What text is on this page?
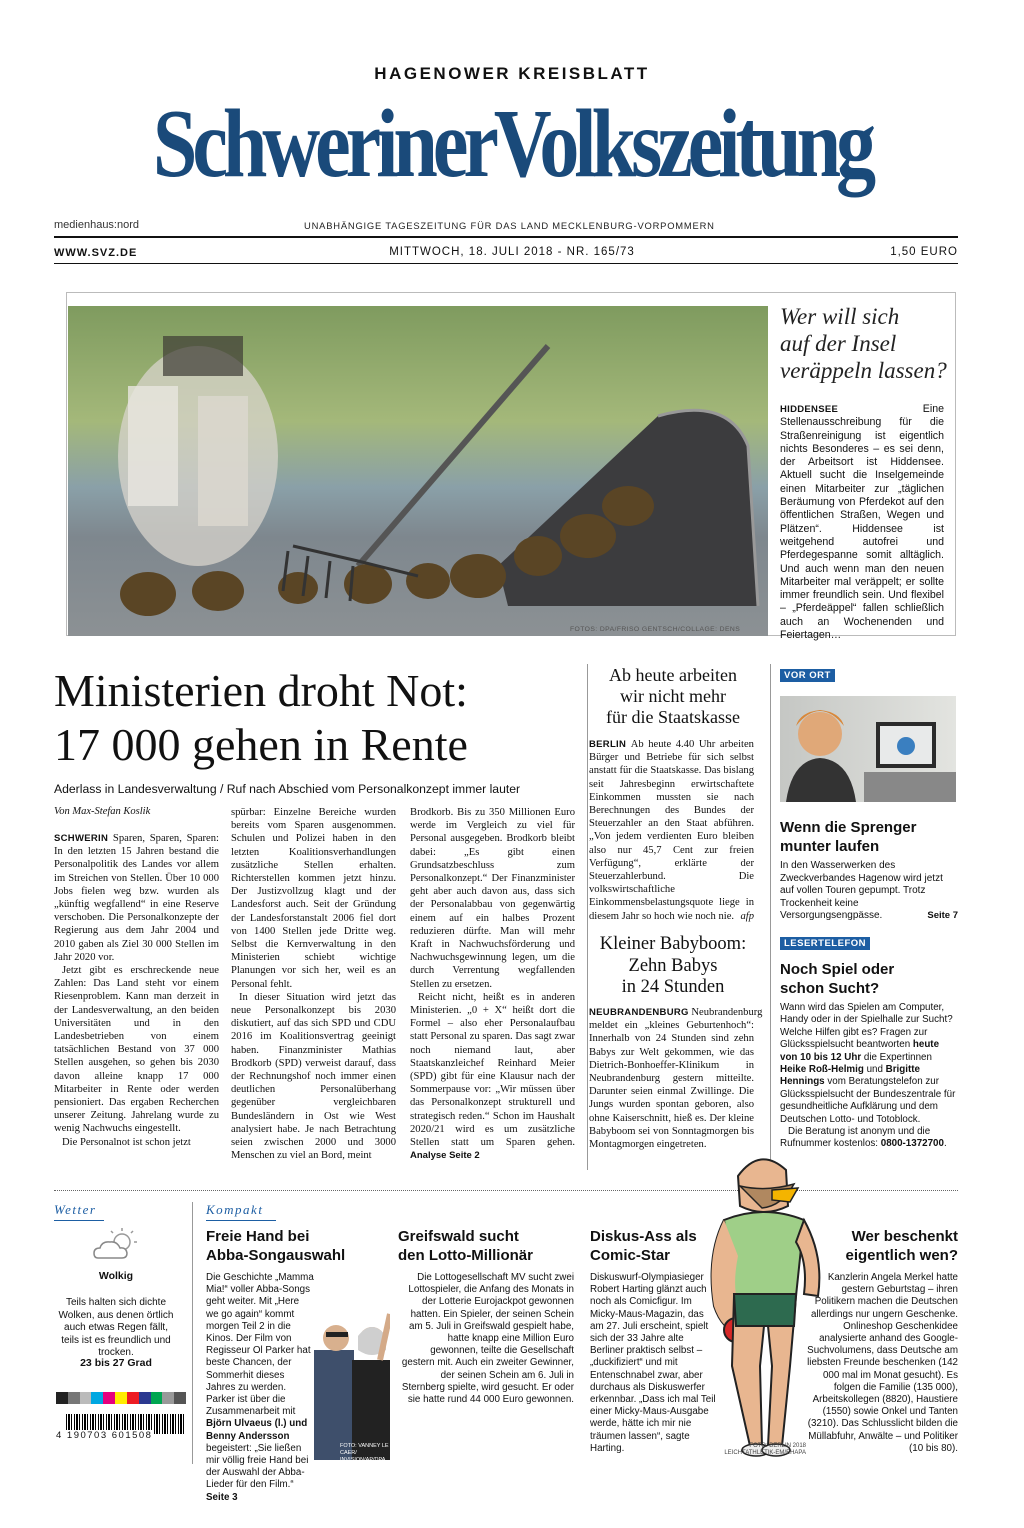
HAGENOWER KREISBLATT
SchwerinerVolkszeitung
medienhaus:nord	UNABHÄNGIGE TAGESZEITUNG FÜR DAS LAND MECKLENBURG-VORPOMMERN
WWW.SVZ.DE	MITTWOCH, 18. JULI 2018 - NR. 165/73	1,50 EURO
FOTOS: DPA/FRISO GENTSCH/COLLAGE: DENS
Wer will sich
auf der Insel
veräppeln lassen?
HIDDENSEE	Eine Stellenausschreibung für die Straßenreinigung ist eigentlich nichts Besonderes – es sei denn, der Arbeitsort ist Hiddensee. Aktuell sucht die Inselgemeinde einen Mitarbeiter zur „täglichen Beräumung von Pferdekot auf den öffentlichen Straßen, Wegen und Plätzen“. Hiddensee ist weitgehend autofrei und Pferdegespanne somit alltäglich. Und auch wenn man den neuen Mitarbeiter mal veräppelt; er sollte immer freundlich sein. Und flexibel – „Pferdeäppel“ fallen schließlich auch an Wochenenden und Feiertagen…
Ministerien droht Not:
17 000 gehen in Rente
Aderlass in Landesverwaltung / Ruf nach Abschied vom Personalkonzept immer lauter
Von Max-Stefan Koslik

SCHWERIN Sparen, Sparen, Sparen: In den letzten 15 Jahren bestand die Personalpolitik des Landes vor allem im Streichen von Stellen. Über 10 000 Jobs fielen weg bzw. wurden als „künftig wegfallend“ in eine Reserve verschoben. Die Personalkonzepte der Regierung aus dem Jahr 2004 und 2010 gaben als Ziel 30 000 Stellen im Jahr 2020 vor.

Jetzt gibt es erschreckende neue Zahlen: Das Land steht vor einem Riesenproblem. Kann man derzeit in der Landesverwaltung, an den beiden Universitäten und in den Landesbetrieben von einem tatsächlichen Bestand von 37 000 Stellen ausgehen, so gehen bis 2030 davon alleine knapp 17 000 Mitarbeiter in Rente oder werden pensioniert. Das ergaben Recherchen unserer Zeitung. Jahrelang wurde zu wenig Nachwuchs eingestellt.

Die Personalnot ist schon jetzt

spürbar: Einzelne Bereiche wurden bereits vom Sparen ausgenommen. Schulen und Polizei haben in den letzten Koalitionsverhandlungen zusätzliche Stellen erhalten. Richterstellen kommen jetzt hinzu. Der Justizvollzug klagt und der Landesforst auch. Seit der Gründung der Landesforstanstalt 2006 fiel dort von 1400 Stellen jede Dritte weg. Selbst die Kernverwaltung in den Ministerien schiebt wichtige Planungen vor sich her, weil es an Personal fehlt.

In dieser Situation wird jetzt das neue Personalkonzept bis 2030 diskutiert, auf das sich SPD und CDU 2016 im Koalitionsvertrag geeinigt haben. Finanzminister Mathias Brodkorb (SPD) verweist darauf, dass der Rechnungshof noch immer einen deutlichen Personalüberhang gegenüber vergleichbaren Bundesländern in Ost wie West analysiert habe. Je nach Betrachtung seien zwischen 2000 und 3000 Menschen zu viel an Bord, meint

Brodkorb. Bis zu 350 Millionen Euro werde im Vergleich zu viel für Personal ausgegeben. Brodkorb bleibt dabei: „Es gibt einen Grundsatzbeschluss zum Personalkonzept.“ Der Finanzminister geht aber auch davon aus, dass sich der Personalabbau von gegenwärtig einem auf ein halbes Prozent reduzieren dürfte. Man will mehr Kraft in Nachwuchsförderung und Nachwuchsgewinnung legen, um die durch Verrentung wegfallenden Stellen zu ersetzen.

Reicht nicht, heißt es in anderen Ministerien. „0 + X“ heißt dort die Formel – also eher Personalaufbau statt Personal zu sparen. Das sagt zwar noch niemand laut, aber Staatskanzleichef Reinhard Meier (SPD) gibt für eine Klausur nach der Sommerpause vor: „Wir müssen über das Personalkonzept strukturell und strategisch reden.“ Schon im Haushalt 2020/21 wird es um zusätzliche Stellen statt um Sparen gehen. Analyse Seite 2

Ab heute arbeiten
wir nicht mehr
für die Staatskasse
BERLIN Ab heute 4.40 Uhr arbeiten Bürger und Betriebe für sich selbst anstatt für die Staatskasse. Das bislang seit Jahresbeginn erwirtschaftete Einkommen mussten sie nach Berechnungen des Bundes der Steuerzahler an den Staat abführen. „Von jedem verdienten Euro bleiben also nur 45,7 Cent zur freien Verfügung“, erklärte der Steuerzahlerbund. Die volkswirtschaftliche Einkommensbelastungsquote liege in diesem Jahr so hoch wie noch nie. afp
Kleiner Babyboom:
Zehn Babys
in 24 Stunden
NEUBRANDENBURG Neubrandenburg meldet ein „kleines Geburtenhoch“: Innerhalb von 24 Stunden sind zehn Babys zur Welt gekommen, wie das Dietrich-Bonhoeffer-Klinikum in Neubrandenburg gestern mitteilte. Darunter seien einmal Zwillinge. Die Jungs wurden spontan geboren, also ohne Kaiserschnitt, hieß es. Der kleine Babyboom sei von Sonntagmorgen bis Montagmorgen eingetreten.
VOR ORT
Wenn die Sprenger
munter laufen
In den Wasserwerken des Zweckverbandes Hagenow wird jetzt auf vollen Touren gepumpt. Trotz Trockenheit keine Versorgungsengpässe.	Seite 7
LESERTELEFON
Noch Spiel oder
schon Sucht?
Wann wird das Spielen am Computer, Handy oder in der Spielhalle zur Sucht? Welche Hilfen gibt es? Fragen zur Glücksspielsucht beantworten heute von 10 bis 12 Uhr die Expertinnen Heike Roß-Helmig und Brigitte Hennings vom Beratungstelefon zur Glücksspielsucht der Bundeszentrale für gesundheitliche Aufklärung und dem Deutschen Lotto- und Totoblock.
Die Beratung ist anonym und die Rufnummer kostenlos: 0800-1372700.
Wetter
Wolkig
Teils halten sich dichte Wolken, aus denen örtlich auch etwas Regen fällt, teils ist es freundlich und trocken.
23 bis 27 Grad
4 190703 601508
Kompakt
Freie Hand bei
Abba-Songauswahl
Die Geschichte „Mamma Mia!“ voller Abba-Songs geht weiter. Mit „Here we go again“ kommt morgen Teil 2 in die Kinos. Der Film von Regisseur Ol Parker hat beste Chancen, der Sommerhit dieses Jahres zu werden. Parker ist über die Zusammenarbeit mit Björn Ulvaeus (l.) und Benny Andersson begeistert: „Sie ließen mir völlig freie Hand bei der Auswahl der Abba-Lieder für den Film.“ Seite 3
FOTO: VANNEY LE CAER/ INVISION/AP/DPA
Greifswald sucht
den Lotto-Millionär
Die Lottogesellschaft MV sucht zwei Lottospieler, die Anfang des Monats in der Lotterie Eurojackpot gewonnen hatten. Ein Spieler, der seinen Schein am 5. Juli in Greifswald gespielt habe, hatte knapp eine Million Euro gewonnen, teilte die Gesellschaft gestern mit. Auch ein zweiter Gewinner, der seinen Schein am 6. Juli in Sternberg spielte, wird gesucht. Er oder sie hatte rund 44 000 Euro gewonnen.
Diskus-Ass als
Comic-Star
Diskuswurf-Olympiasieger Robert Harting glänzt auch noch als Comicfigur. Im Micky-Maus-Magazin, das am 27. Juli erscheint, spielt sich der 33 Jahre alte Berliner praktisch selbst – „duckifiziert“ und mit Entenschnabel zwar, aber durchaus als Diskuswerfer erkennbar. „Dass ich mal Teil einer Micky-Maus-Ausgabe werde, hätte ich mir nie träumen lassen“, sagte Harting.	FOTO: BERLIN 2018 LEICHTATHLETIK-EM/EHAPA
Wer beschenkt
eigentlich wen?
Kanzlerin Angela Merkel hatte gestern Geburtstag – ihren Politikern machen die Deutschen allerdings nur ungern Geschenke. Onlineshop Geschenkidee analysierte anhand des Google-Suchvolumens, dass Deutsche am liebsten Freunde beschenken (142 000 mal im Monat gesucht). Es folgen die Familie (135 000), Arbeitskollegen (8820), Haustiere (1550) sowie Onkel und Tanten (3210). Das Schlusslicht bilden die Müllabfuhr, Anwälte – und Politiker (10 bis 80).
